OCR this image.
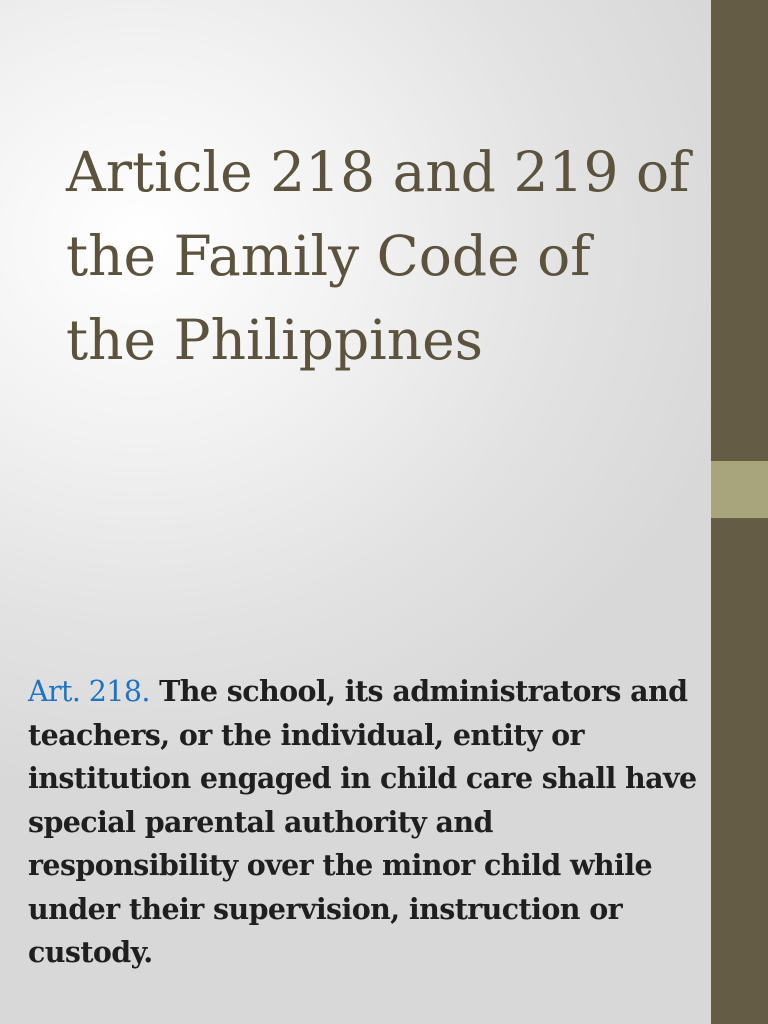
Article 218 and 219 of the Family Code of the Philippines

Art. 218. The school, its administrators and teachers, or the individual, entity or institution engaged in child care shall have special parental authority and responsibility over the minor child while under their supervision, instruction or custody.
